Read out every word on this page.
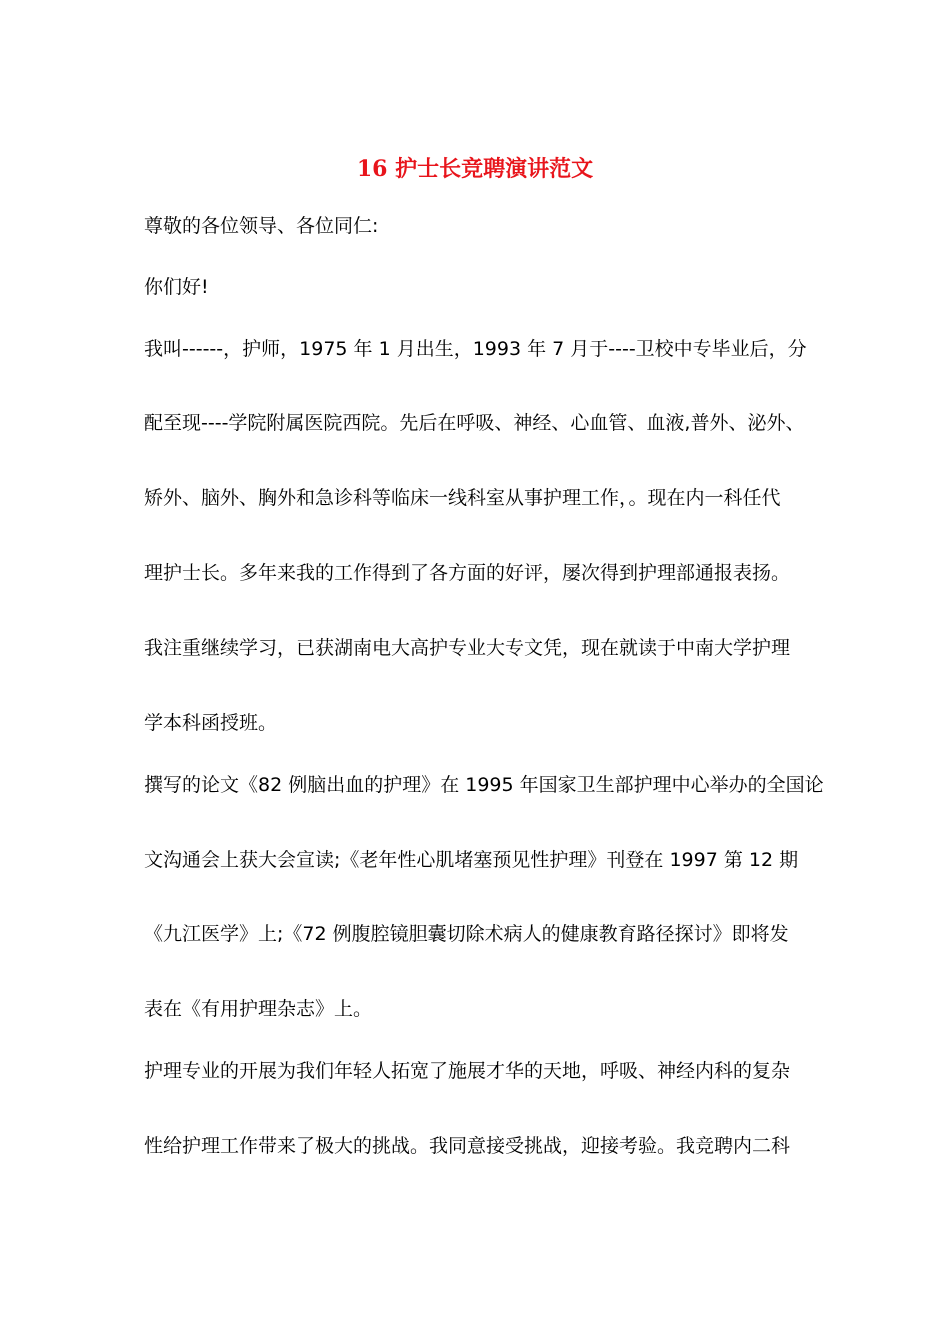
16 护士长竞聘演讲范文
尊敬的各位领导、各位同仁:
你们好!
我叫------，护师，1975 年 1 月出生，1993 年 7 月于----卫校中专毕业后，分
配至现----学院附属医院西院。先后在呼吸、神经、心血管、血液,普外、泌外、
矫外、脑外、胸外和急诊科等临床一线科室从事护理工作，。现在内一科任代
理护士长。多年来我的工作得到了各方面的好评，屡次得到护理部通报表扬。
我注重继续学习，已获湖南电大高护专业大专文凭，现在就读于中南大学护理
学本科函授班。
撰写的论文《82 例脑出血的护理》在 1995 年国家卫生部护理中心举办的全国论
文沟通会上获大会宣读;《老年性心肌堵塞预见性护理》刊登在 1997 第 12 期
《九江医学》上;《72 例腹腔镜胆囊切除术病人的健康教育路径探讨》即将发
表在《有用护理杂志》上。
护理专业的开展为我们年轻人拓宽了施展才华的天地，呼吸、神经内科的复杂
性给护理工作带来了极大的挑战。我同意接受挑战，迎接考验。我竞聘内二科
